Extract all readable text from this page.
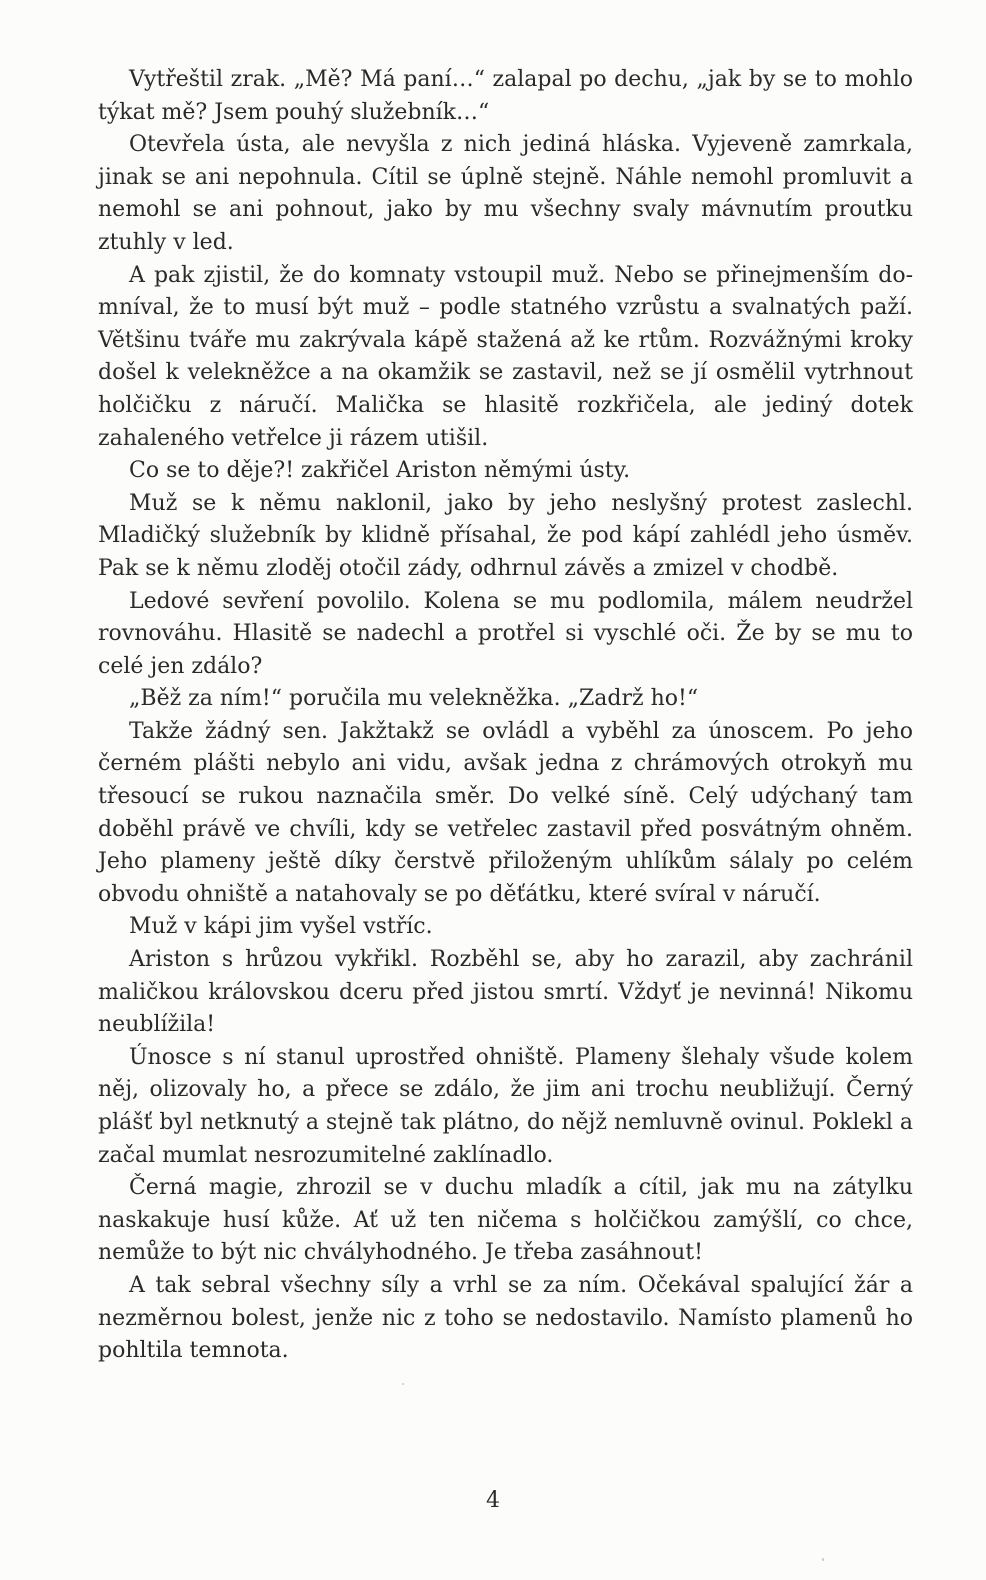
Vytřeštil zrak. „Mě? Má paní…“ zalapal po dechu, „jak by se to mohlo týkat mě? Jsem pouhý služebník…“

Otevřela ústa, ale nevyšla z nich jediná hláska. Vyjeveně zamrkala, jinak se ani nepohnula. Cítil se úplně stejně. Náhle nemohl promluvit a nemohl se ani pohnout, jako by mu všechny svaly mávnutím proutku ztuhly v led.

A pak zjistil, že do komnaty vstoupil muž. Nebo se přinejmenším domníval, že to musí být muž – podle statného vzrůstu a svalnatých paží. Většinu tváře mu zakrývala kápě stažená až ke rtům. Rozvážnými kroky došel k velekněžce a na okamžik se zastavil, než se jí osmělil vytrhnout holčičku z náručí. Malička se hlasitě rozkřičela, ale jediný dotek zahaleného vetřelce ji rázem utišil.

Co se to děje?! zakřičel Ariston němými ústy.

Muž se k němu naklonil, jako by jeho neslyšný protest zaslechl. Mladičký služebník by klidně přísahal, že pod kápí zahlédl jeho úsměv. Pak se k němu zloděj otočil zády, odhrnul závěs a zmizel v chodbě.

Ledové sevření povolilo. Kolena se mu podlomila, málem neudržel rovnováhu. Hlasitě se nadechl a protřel si vyschlé oči. Že by se mu to celé jen zdálo?

„Běž za ním!“ poručila mu velekněžka. „Zadrž ho!“

Takže žádný sen. Jakžtakž se ovládl a vyběhl za únoscem. Po jeho černém plášti nebylo ani vidu, avšak jedna z chrámových otrokyň mu třesoucí se rukou naznačila směr. Do velké síně. Celý udýchaný tam doběhl právě ve chvíli, kdy se vetřelec zastavil před posvátným ohněm. Jeho plameny ještě díky čerstvě přiloženým uhlíkům sálaly po celém obvodu ohniště a natahovaly se po děťátku, které svíral v náručí.

Muž v kápi jim vyšel vstříc.

Ariston s hrůzou vykřikl. Rozběhl se, aby ho zarazil, aby zachránil maličkou královskou dceru před jistou smrtí. Vždyť je nevinná! Nikomu neublížila!

Únosce s ní stanul uprostřed ohniště. Plameny šlehaly všude kolem něj, olizovaly ho, a přece se zdálo, že jim ani trochu neubližují. Černý plášť byl netknutý a stejně tak plátno, do nějž nemluvně ovinul. Poklekl a začal mumlat nesrozumitelné zaklínadlo.

Černá magie, zhrozil se v duchu mladík a cítil, jak mu na zátylku naskakuje husí kůže. Ať už ten ničema s holčičkou zamýšlí, co chce, nemůže to být nic chvályhodného. Je třeba zasáhnout!

A tak sebral všechny síly a vrhl se za ním. Očekával spalující žár a nezměrnou bolest, jenže nic z toho se nedostavilo. Namísto plamenů ho pohltila temnota.

4
